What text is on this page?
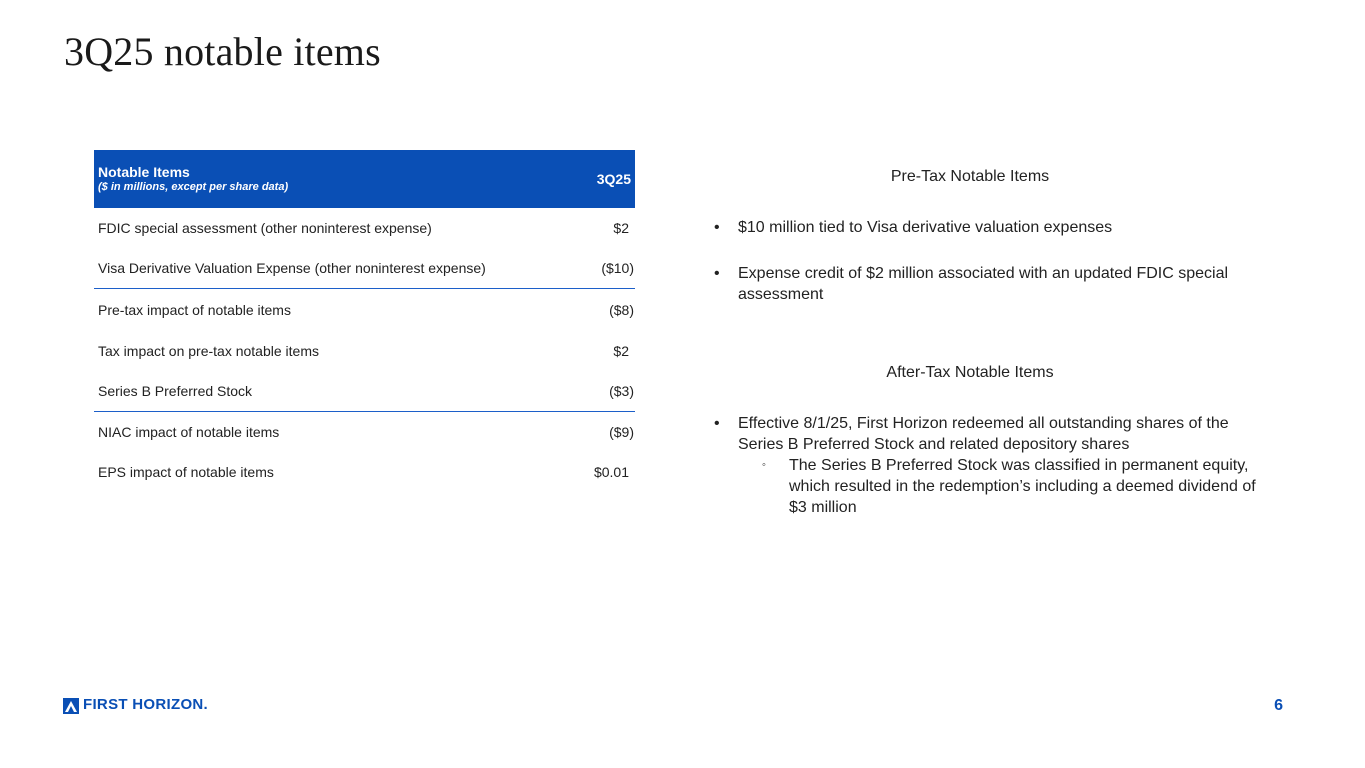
3Q25 notable items
Notable Items
($ in millions, except per share data)	3Q25
FDIC special assessment (other noninterest expense)	$2
Visa Derivative Valuation Expense (other noninterest expense)	($10)
Pre-tax impact of notable items	($8)
Tax impact on pre-tax notable items	$2
Series B Preferred Stock	($3)
NIAC impact of notable items	($9)
EPS impact of notable items	$0.01
Pre-Tax Notable Items
• $10 million tied to Visa derivative valuation expenses
• Expense credit of $2 million associated with an updated FDIC special assessment
After-Tax Notable Items
• Effective 8/1/25, First Horizon redeemed all outstanding shares of the Series B Preferred Stock and related depository shares
◦ The Series B Preferred Stock was classified in permanent equity, which resulted in the redemption’s including a deemed dividend of $3 million
FIRST HORIZON.	6
